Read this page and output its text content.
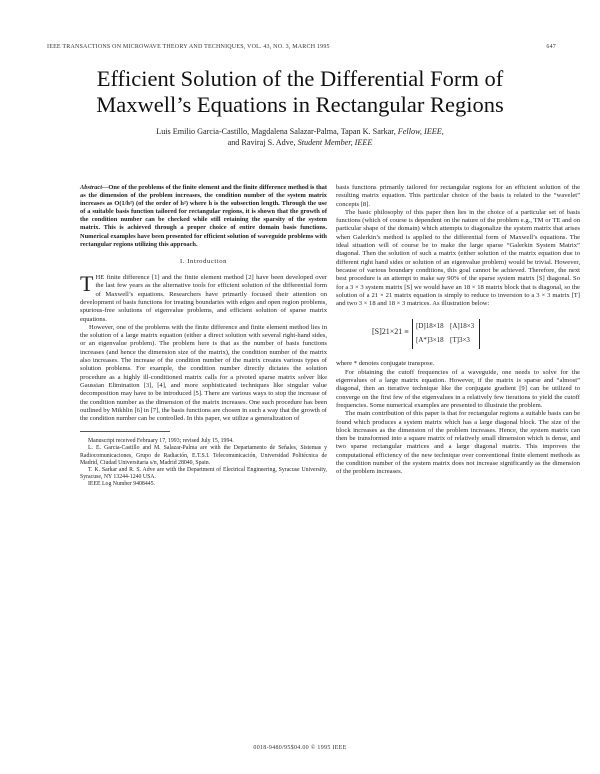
IEEE TRANSACTIONS ON MICROWAVE THEORY AND TECHNIQUES, VOL. 43, NO. 3, MARCH 1995	647
Efficient Solution of the Differential Form of
Maxwell’s Equations in Rectangular Regions
Luis Emilio Garcia-Castillo, Magdalena Salazar-Palma, Tapan K. Sarkar, Fellow, IEEE,
and Raviraj S. Adve, Student Member, IEEE
Abstract—One of the problems of the finite element and the finite difference method is that as the dimension of the problem increases, the condition number of the system matrix increases as O(1/h²) (of the order of h²) where h is the subsection length. Through the use of a suitable basis function tailored for rectangular regions, it is shown that the growth of the condition number can be checked while still retaining the sparsity of the system matrix. This is achieved through a proper choice of entire domain basis functions. Numerical examples have been presented for efficient solution of waveguide problems with rectangular regions utilizing this approach.
I. Introduction

THE finite difference [1] and the finite element method [2] have been developed over the last few years as the alternative tools for efficient solution of the differential form of Maxwell’s equations. Researchers have primarily focused their attention on development of basis functions for treating boundaries with edges and open region problems, spurious-free solutions of eigenvalue problems, and efficient solution of sparse matrix equations.

However, one of the problems with the finite difference and finite element method lies in the solution of a large matrix equation (either a direct solution with several right-hand sides, or an eigenvalue problem). The problem here is that as the number of basis functions increases (and hence the dimension size of the matrix), the condition number of the matrix also increases. The increase of the condition number of the matrix creates various types of solution problems. For example, the condition number directly dictates the solution procedure as a highly ill-conditioned matrix calls for a pivoted sparse matrix solver like Gaussian Elimination [3], [4], and more sophisticated techniques like singular value decomposition may have to be introduced [5]. There are various ways to stop the increase of the condition number as the dimension of the matrix increases. One such procedure has been outlined by Mikhlin [6] in [7], the basis functions are chosen in such a way that the growth of the condition number can be controlled. In this paper, we utilize a generalization of

Manuscript received February 17, 1993; revised July 15, 1994.
L. E. Garcia-Castillo and M. Salazar-Palma are with the Departamento de Señales, Sistemas y Radiocomunicaciones, Grupo de Radiación, E.T.S.I. Telecomunicación, Universidad Politécnica de Madrid, Ciudad Universitaria s/n, Madrid 28040, Spain.
T. K. Sarkar and R. S. Adve are with the Department of Electrical Engineering, Syracuse University, Syracuse, NY 13244-1240 USA.
IEEE Log Number 9408445.

basis functions primarily tailored for rectangular regions for an efficient solution of the resulting matrix equation. This particular choice of the basis is related to the “wavelet” concepts [8].

The basic philosophy of this paper then lies in the choice of a particular set of basis functions (which of course is dependent on the nature of the problem e.g., TM or TE and on particular shape of the domain) which attempts to diagonalize the system matrix that arises when Galerkin’s method is applied to the differential form of Maxwell’s equations. The ideal situation will of course be to make the large sparse “Galerkin System Matrix” diagonal. Then the solution of such a matrix (either solution of the matrix equation due to different right hand sides or solution of an eigenvalue problem) would be trivial. However, because of various boundary conditions, this goal cannot be achieved. Therefore, the next best procedure is an attempt to make say 90% of the sparse system matrix [S] diagonal. So for a 3 × 3 system matrix [S] we would have an 18 × 18 matrix block that is diagonal, so the solution of a 21 × 21 matrix equation is simply to reduce to inversion to a 3 × 3 matrix [T] and two 3 × 18 and 18 × 3 matrices. As illustration below:

[S]21×21 ≡
[D]18×18 [A]18×3
[A*]3×18 [T]3×3

where * denotes conjugate transpose.

For obtaining the cutoff frequencies of a waveguide, one needs to solve for the eigenvalues of a large matrix equation. However, if the matrix is sparse and “almost” diagonal, then an iterative technique like the conjugate gradient [9] can be utilized to converge on the first few of the eigenvalues in a relatively few iterations to yield the cutoff frequencies. Some numerical examples are presented to illustrate the problem.

The main contribution of this paper is that for rectangular regions a suitable basis can be found which produces a system matrix which has a large diagonal block. The size of the block increases as the dimension of the problem increases. Hence, the system matrix can then be transformed into a square matrix of relatively small dimension which is dense, and two sparse rectangular matrices and a large diagonal matrix. This improves the computational efficiency of the new technique over conventional finite element methods as the condition number of the system matrix does not increase significantly as the dimension of the problem increases.

0018-9480/95$04.00 © 1995 IEEE
